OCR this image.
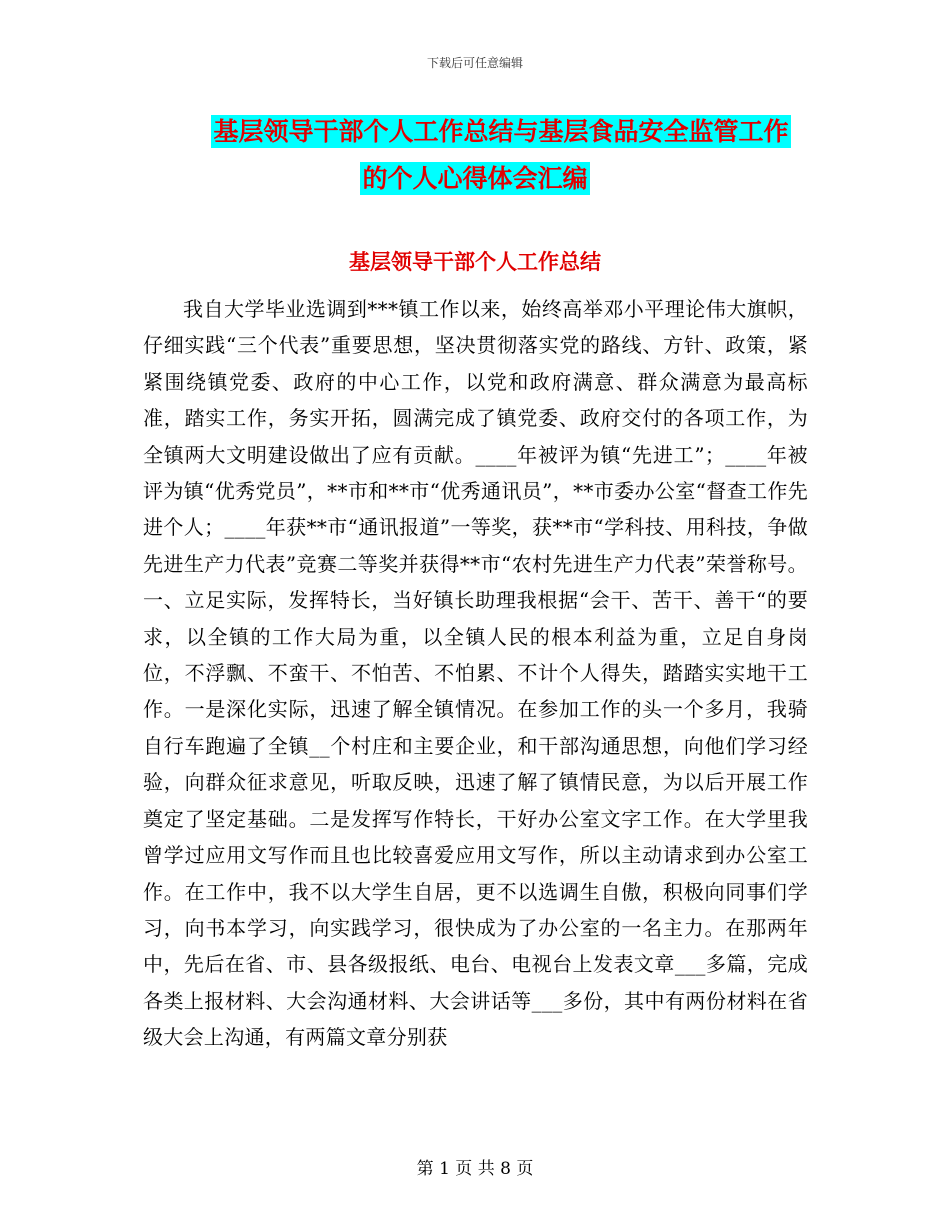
下载后可任意编辑
基层领导干部个人工作总结与基层食品安全监管工作
的个人心得体会汇编
基层领导干部个人工作总结
我自大学毕业选调到***镇工作以来，始终高举邓小平理论伟大旗帜，仔细实践“三个代表”重要思想，坚决贯彻落实党的路线、方针、政策，紧紧围绕镇党委、政府的中心工作，以党和政府满意、群众满意为最高标准，踏实工作，务实开拓，圆满完成了镇党委、政府交付的各项工作，为全镇两大文明建设做出了应有贡献。____年被评为镇“先进工”；____年被评为镇“优秀党员”，**市和**市“优秀通讯员”，**市委办公室“督查工作先进个人；____年获**市“通讯报道”一等奖，获**市“学科技、用科技，争做先进生产力代表”竞赛二等奖并获得**市“农村先进生产力代表”荣誉称号。一、立足实际，发挥特长，当好镇长助理我根据“会干、苦干、善干“的要求，以全镇的工作大局为重，以全镇人民的根本利益为重，立足自身岗位，不浮飘、不蛮干、不怕苦、不怕累、不计个人得失，踏踏实实地干工作。一是深化实际，迅速了解全镇情况。在参加工作的头一个多月，我骑自行车跑遍了全镇__个村庄和主要企业，和干部沟通思想，向他们学习经验，向群众征求意见，听取反映，迅速了解了镇情民意，为以后开展工作奠定了坚定基础。二是发挥写作特长，干好办公室文字工作。在大学里我曾学过应用文写作而且也比较喜爱应用文写作，所以主动请求到办公室工作。在工作中，我不以大学生自居，更不以选调生自傲，积极向同事们学习，向书本学习，向实践学习，很快成为了办公室的一名主力。在那两年中，先后在省、市、县各级报纸、电台、电视台上发表文章___多篇，完成各类上报材料、大会沟通材料、大会讲话等___多份，其中有两份材料在省级大会上沟通，有两篇文章分别获
第 1 页 共 8 页
